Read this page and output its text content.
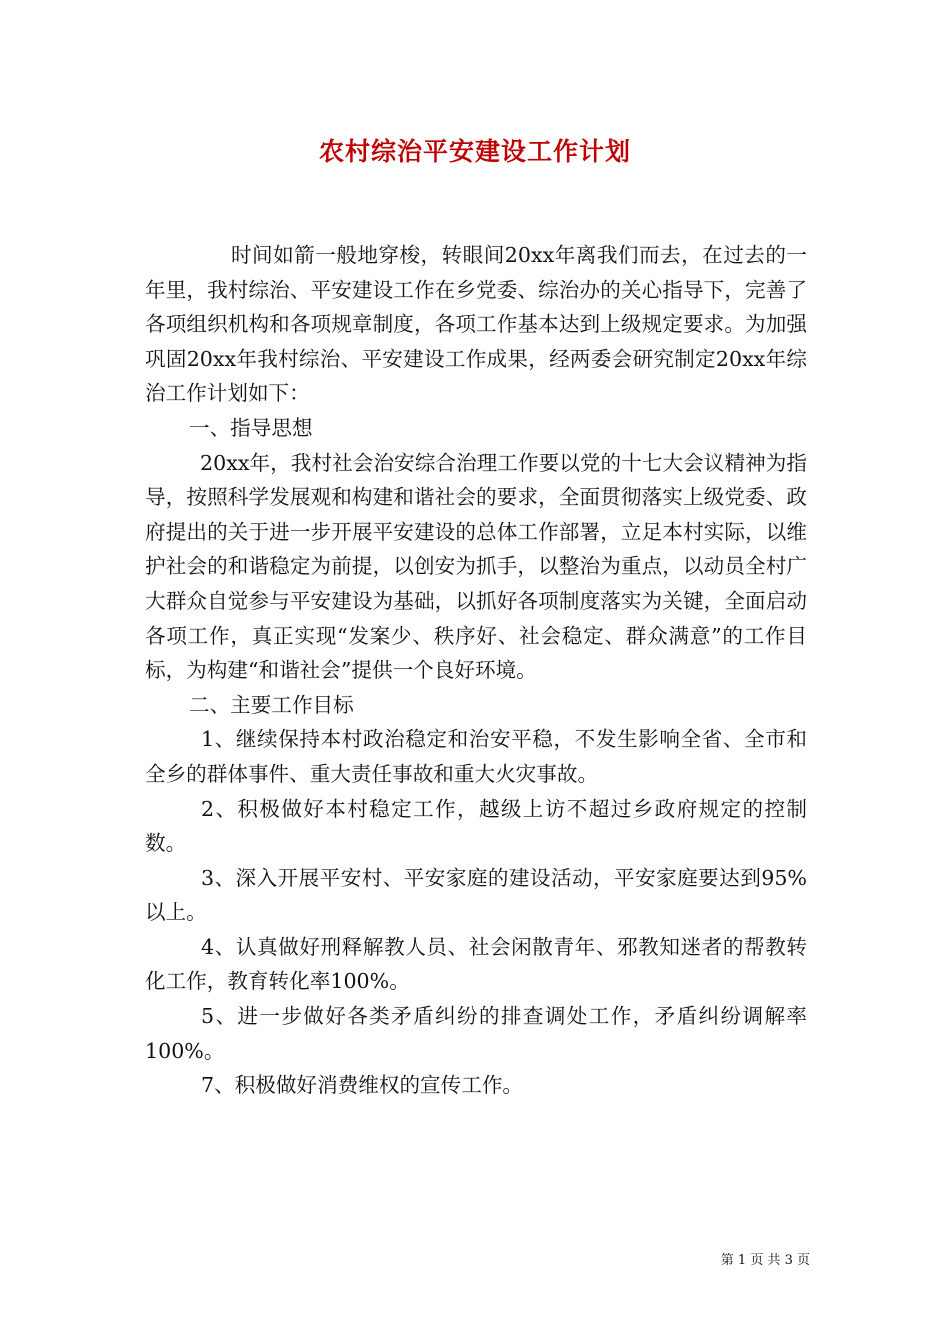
农村综治平安建设工作计划

时间如箭一般地穿梭，转眼间20xx年离我们而去，在过去的一年里，我村综治、平安建设工作在乡党委、综治办的关心指导下，完善了各项组织机构和各项规章制度，各项工作基本达到上级规定要求。为加强巩固20xx年我村综治、平安建设工作成果，经两委会研究制定20xx年综治工作计划如下：

一、指导思想

20xx年，我村社会治安综合治理工作要以党的十七大会议精神为指导，按照科学发展观和构建和谐社会的要求，全面贯彻落实上级党委、政府提出的关于进一步开展平安建设的总体工作部署，立足本村实际，以维护社会的和谐稳定为前提，以创安为抓手，以整治为重点，以动员全村广大群众自觉参与平安建设为基础，以抓好各项制度落实为关键，全面启动各项工作，真正实现“发案少、秩序好、社会稳定、群众满意”的工作目标，为构建“和谐社会”提供一个良好环境。

二、主要工作目标

1、继续保持本村政治稳定和治安平稳，不发生影响全省、全市和全乡的群体事件、重大责任事故和重大火灾事故。

2、积极做好本村稳定工作，越级上访不超过乡政府规定的控制数。

3、深入开展平安村、平安家庭的建设活动，平安家庭要达到95%以上。

4、认真做好刑释解教人员、社会闲散青年、邪教知迷者的帮教转化工作，教育转化率100%。

5、进一步做好各类矛盾纠纷的排查调处工作，矛盾纠纷调解率100%。

7、积极做好消费维权的宣传工作。

第 1 页 共 3 页
